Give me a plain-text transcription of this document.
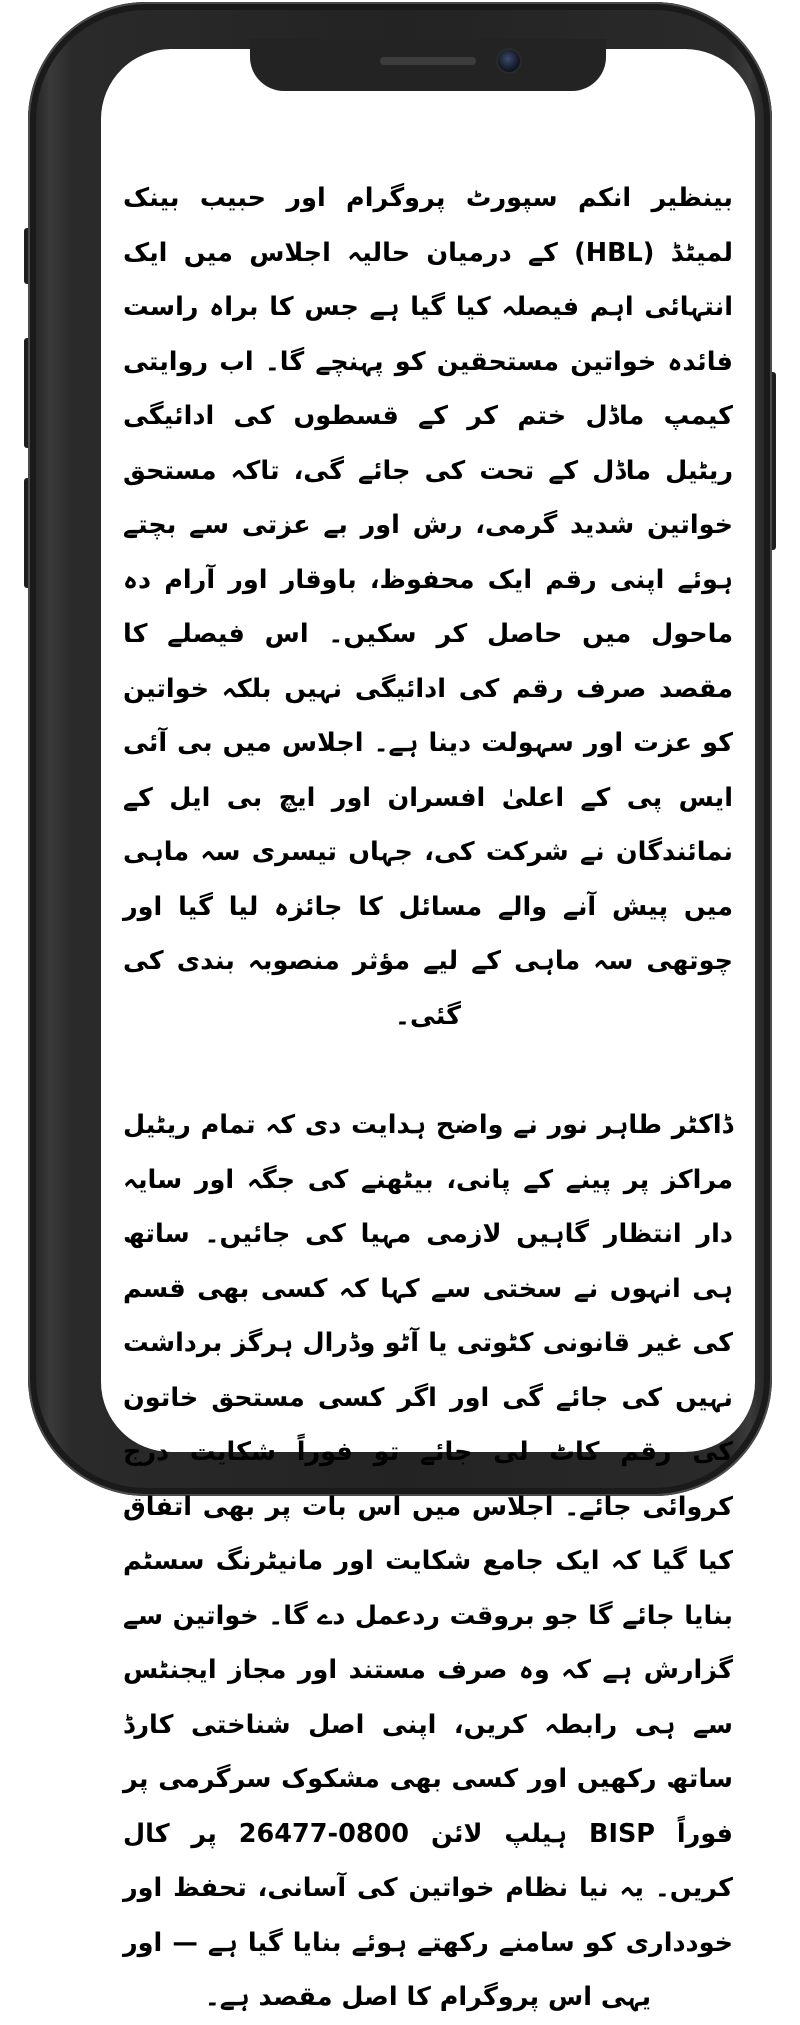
بینظیر انکم سپورٹ پروگرام اور حبیب بینک لمیٹڈ (HBL) کے درمیان حالیہ اجلاس میں ایک انتہائی اہم فیصلہ کیا گیا ہے جس کا براہ راست فائدہ خواتین مستحقین کو پہنچے گا۔ اب روایتی کیمپ ماڈل ختم کر کے قسطوں کی ادائیگی ریٹیل ماڈل کے تحت کی جائے گی، تاکہ مستحق خواتین شدید گرمی، رش اور بے عزتی سے بچتے ہوئے اپنی رقم ایک محفوظ، باوقار اور آرام دہ ماحول میں حاصل کر سکیں۔ اس فیصلے کا مقصد صرف رقم کی ادائیگی نہیں بلکہ خواتین کو عزت اور سہولت دینا ہے۔ اجلاس میں بی آئی ایس پی کے اعلیٰ افسران اور ایچ بی ایل کے نمائندگان نے شرکت کی، جہاں تیسری سہ ماہی میں پیش آنے والے مسائل کا جائزہ لیا گیا اور چوتھی سہ ماہی کے لیے مؤثر منصوبہ بندی کی گئی۔

ڈاکٹر طاہر نور نے واضح ہدایت دی کہ تمام ریٹیل مراکز پر پینے کے پانی، بیٹھنے کی جگہ اور سایہ دار انتظار گاہیں لازمی مہیا کی جائیں۔ ساتھ ہی انہوں نے سختی سے کہا کہ کسی بھی قسم کی غیر قانونی کٹوتی یا آٹو وڈرال ہرگز برداشت نہیں کی جائے گی اور اگر کسی مستحق خاتون کی رقم کاٹ لی جائے تو فوراً شکایت درج کروائی جائے۔ اجلاس میں اس بات پر بھی اتفاق کیا گیا کہ ایک جامع شکایت اور مانیٹرنگ سسٹم بنایا جائے گا جو بروقت ردعمل دے گا۔ خواتین سے گزارش ہے کہ وہ صرف مستند اور مجاز ایجنٹس سے ہی رابطہ کریں، اپنی اصل شناختی کارڈ ساتھ رکھیں اور کسی بھی مشکوک سرگرمی پر فوراً BISP ہیلپ لائن 0800-26477 پر کال کریں۔ یہ نیا نظام خواتین کی آسانی، تحفظ اور خودداری کو سامنے رکھتے ہوئے بنایا گیا ہے — اور یہی اس پروگرام کا اصل مقصد ہے۔
